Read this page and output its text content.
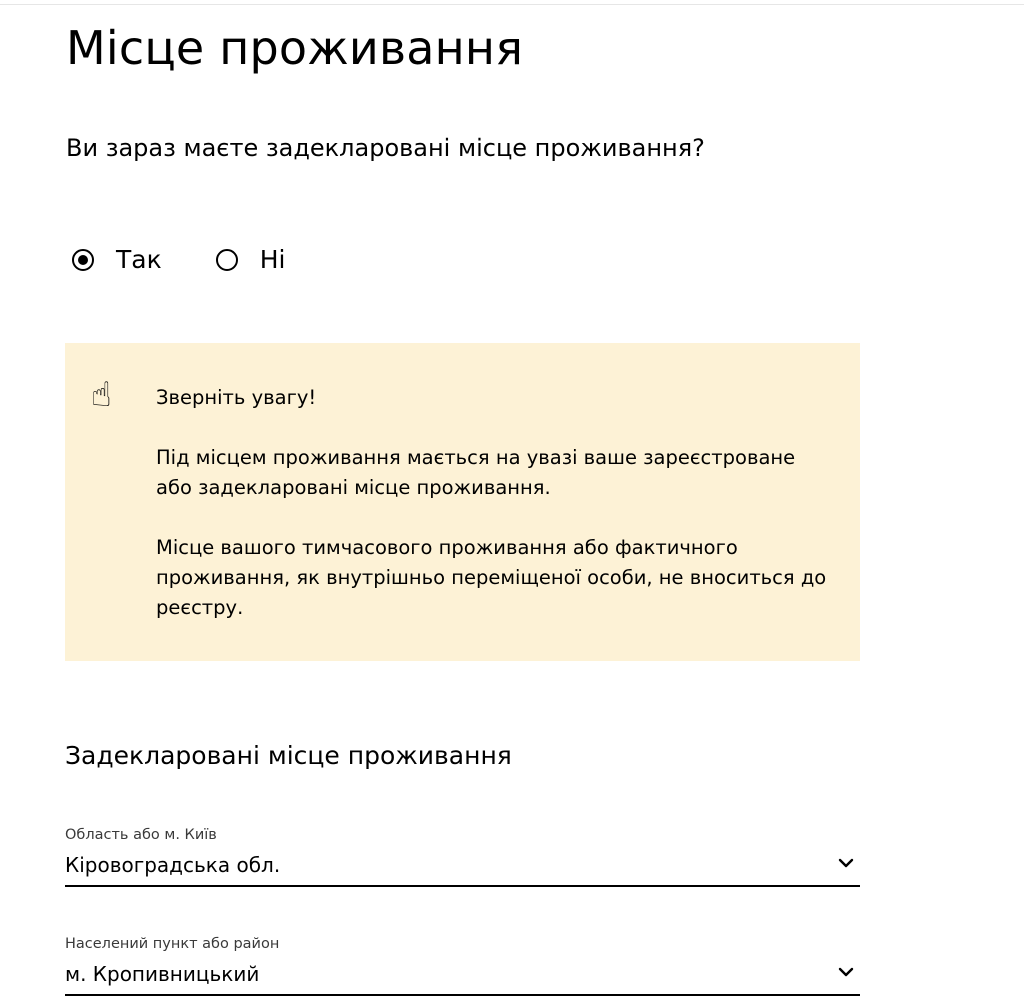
Місце проживання
Ви зараз маєте задекларовані місце проживання?
Так	Ні
☝ Зверніть увагу!

Під місцем проживання мається на увазі ваше зареєстроване або задекларовані місце проживання.

Місце вашого тимчасового проживання або фактичного проживання, як внутрішньо переміщеної особи, не вноситься до реєстру.

Задекларовані місце проживання
Область або м. Київ
Кіровоградська обл.
Населений пункт або район
м. Кропивницький
